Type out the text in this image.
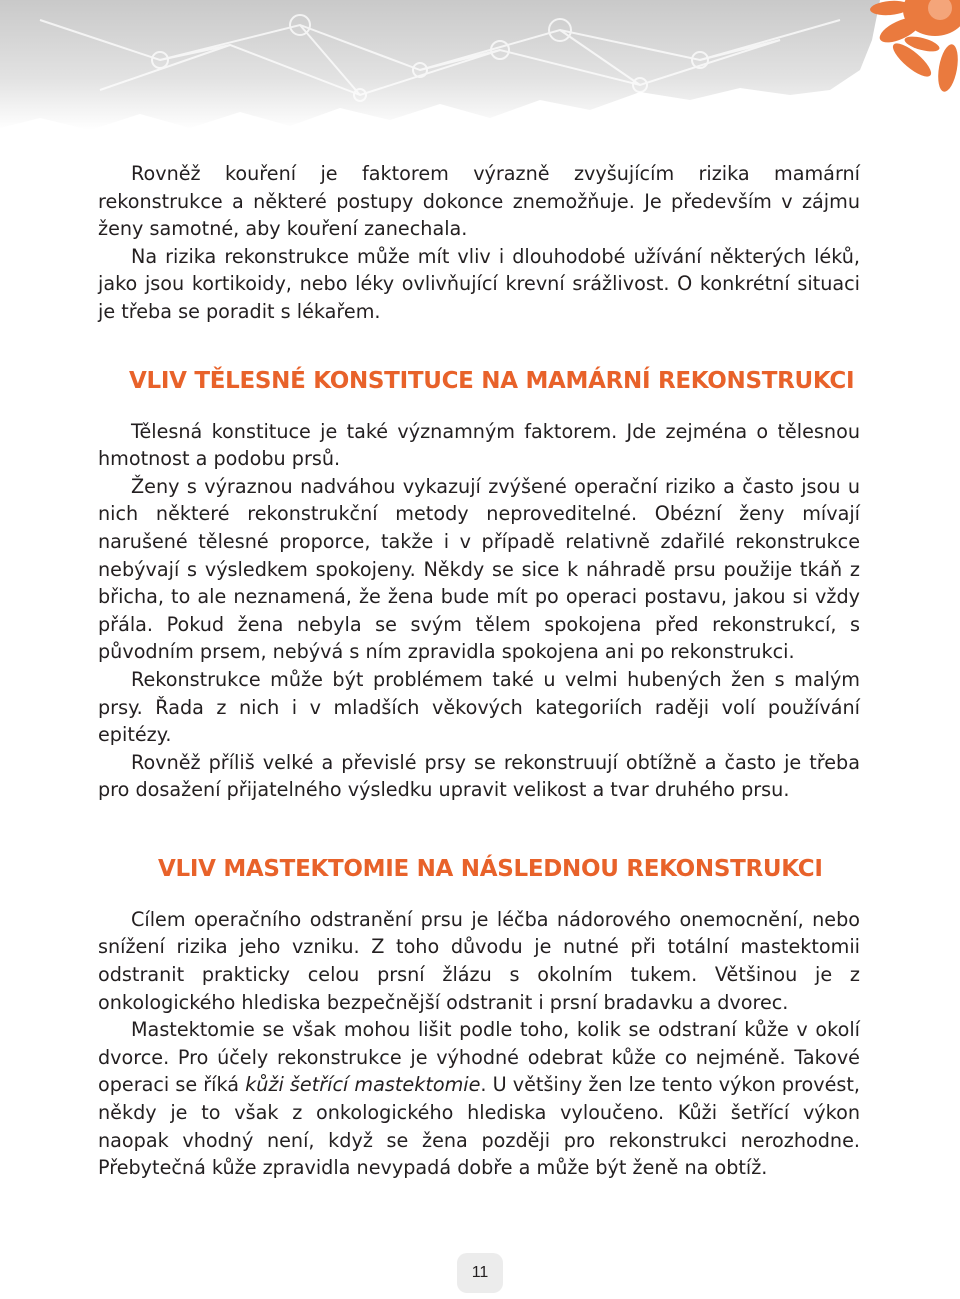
Rovněž kouření je faktorem výrazně zvyšujícím rizika mamární rekonstrukce a některé postupy dokonce znemožňuje. Je především v zájmu ženy samotné, aby kouření zanechala.

Na rizika rekonstrukce může mít vliv i dlouhodobé užívání některých léků, jako jsou kortikoidy, nebo léky ovlivňující krevní srážlivost. O konkrétní situaci je třeba se poradit s lékařem.

VLIV TĚLESNÉ KONSTITUCE NA MAMÁRNÍ REKONSTRUKCI

Tělesná konstituce je také významným faktorem. Jde zejména o tělesnou hmotnost a podobu prsů.

Ženy s výraznou nadváhou vykazují zvýšené operační riziko a často jsou u nich některé rekonstrukční metody neproveditelné. Obézní ženy mívají narušené tělesné proporce, takže i v případě relativně zdařilé rekonstrukce nebývají s výsledkem spokojeny. Někdy se sice k náhradě prsu použije tkáň z břicha, to ale neznamená, že žena bude mít po operaci postavu, jakou si vždy přála. Pokud žena nebyla se svým tělem spokojena před rekonstrukcí, s původním prsem, nebývá s ním zpravidla spokojena ani po rekonstrukci.

Rekonstrukce může být problémem také u velmi hubených žen s malým prsy. Řada z nich i v mladších věkových kategoriích raději volí používání epitézy.

Rovněž příliš velké a převislé prsy se rekonstruují obtížně a často je třeba pro dosažení přijatelného výsledku upravit velikost a tvar druhého prsu.

VLIV MASTEKTOMIE NA NÁSLEDNOU REKONSTRUKCI

Cílem operačního odstranění prsu je léčba nádorového onemocnění, nebo snížení rizika jeho vzniku. Z toho důvodu je nutné při totální mastektomii odstranit prakticky celou prsní žlázu s okolním tukem. Většinou je z onkologického hlediska bezpečnější odstranit i prsní bradavku a dvorec.

Mastektomie se však mohou lišit podle toho, kolik se odstraní kůže v okolí dvorce. Pro účely rekonstrukce je výhodné odebrat kůže co nejméně. Takové operaci se říká kůži šetřící mastektomie. U většiny žen lze tento výkon provést, někdy je to však z onkologického hlediska vyloučeno. Kůži šetřící výkon naopak vhodný není, když se žena později pro rekonstrukci nerozhodne. Přebytečná kůže zpravidla nevypadá dobře a může být ženě na obtíž.

11
